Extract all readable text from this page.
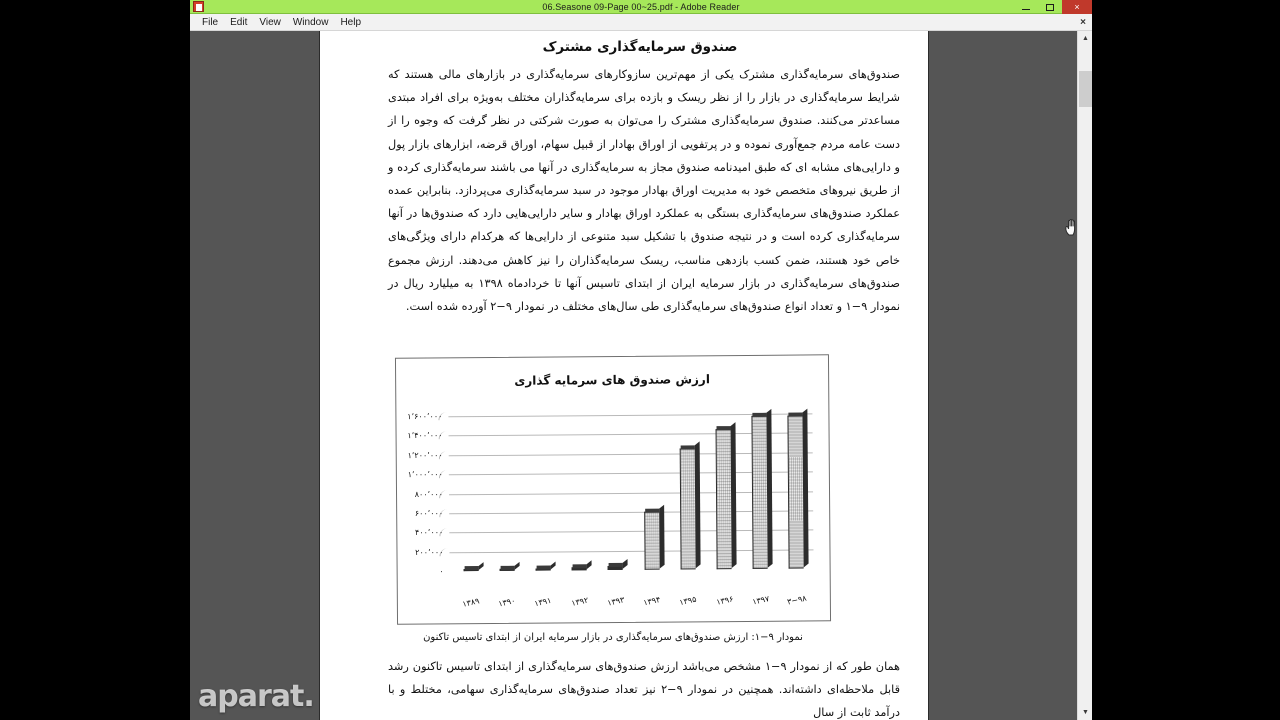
06.Seasone 09-Page 00~25.pdf - Adobe Reader	×
File	Edit	View	Window	Help	×
صندوق سرمایه‌گذاری مشترک
صندوق‌های سرمایه‌گذاری مشترک یکی از مهم‌ترین سازوکارهای سرمایه‌گذاری در بازارهای مالی هستند که شرایط سرمایه‌گذاری در بازار را از نظر ریسک و بازده برای سرمایه‌گذاران مختلف به‌ویژه برای افراد مبتدی مساعدتر می‌کنند. صندوق سرمایه‌گذاری مشترک را می‌توان به صورت شرکتی در نظر گرفت که وجوه را از دست عامه مردم جمع‌آوری نموده و در پرتفویی از اوراق بهادار از قبیل سهام، اوراق قرضه، ابزارهای بازار پول و دارایی‌های مشابه ای که طبق امیدنامه صندوق مجاز به سرمایه‌گذاری در آنها می باشند سرمایه‌گذاری کرده و از طریق نیروهای متخصص خود به مدیریت اوراق بهادار موجود در سبد سرمایه‌گذاری می‌پردازد. بنابراین عمده عملکرد صندوق‌های سرمایه‌گذاری بستگی به عملکرد اوراق بهادار و سایر دارایی‌هایی دارد که صندوق‌ها در آنها سرمایه‌گذاری کرده است و در نتیجه صندوق با تشکیل سبد متنوعی از دارایی‌ها که هرکدام دارای ویژگی‌های خاص خود هستند، ضمن کسب بازدهی مناسب، ریسک سرمایه‌گذاران را نیز کاهش می‌دهند. ارزش مجموع صندوق‌های سرمایه‌گذاری در بازار سرمایه ایران از ابتدای تاسیس آنها تا خردادماه ۱۳۹۸ به میلیارد ریال در نمودار ۹−۱ و تعداد انواع صندوق‌های سرمایه‌گذاری طی سال‌های مختلف در نمودار ۹−۲ آورده شده است.
ارزش صندوق های سرمایه گذاری
۱٬۶۰۰٬۰۰۰
۱٬۴۰۰٬۰۰۰
۱٬۲۰۰٬۰۰۰
۱٬۰۰۰٬۰۰۰
۸۰۰٬۰۰۰
۶۰۰٬۰۰۰
۴۰۰٬۰۰۰
۲۰۰٬۰۰۰
۰
۱۳۸۹	۱۳۹۰	۱۳۹۱	۱۳۹۲	۱۳۹۳	۱۳۹۴	۱۳۹۵	۱۳۹۶	۱۳۹۷	۳−۹۸
نمودار ۹−۱: ارزش صندوق‌های سرمایه‌گذاری در بازار سرمایه ایران از ابتدای تاسیس تاکنون
همان طور که از نمودار ۹−۱ مشخص می‌باشد ارزش صندوق‌های سرمایه‌گذاری از ابتدای تاسیس تاکنون رشد قابل ملاحظه‌ای داشته‌اند. همچنین در نمودار ۹−۲ نیز تعداد صندوق‌های سرمایه‌گذاری سهامی، مختلط و با درآمد ثابت از سال
aparat.
▲
▼
